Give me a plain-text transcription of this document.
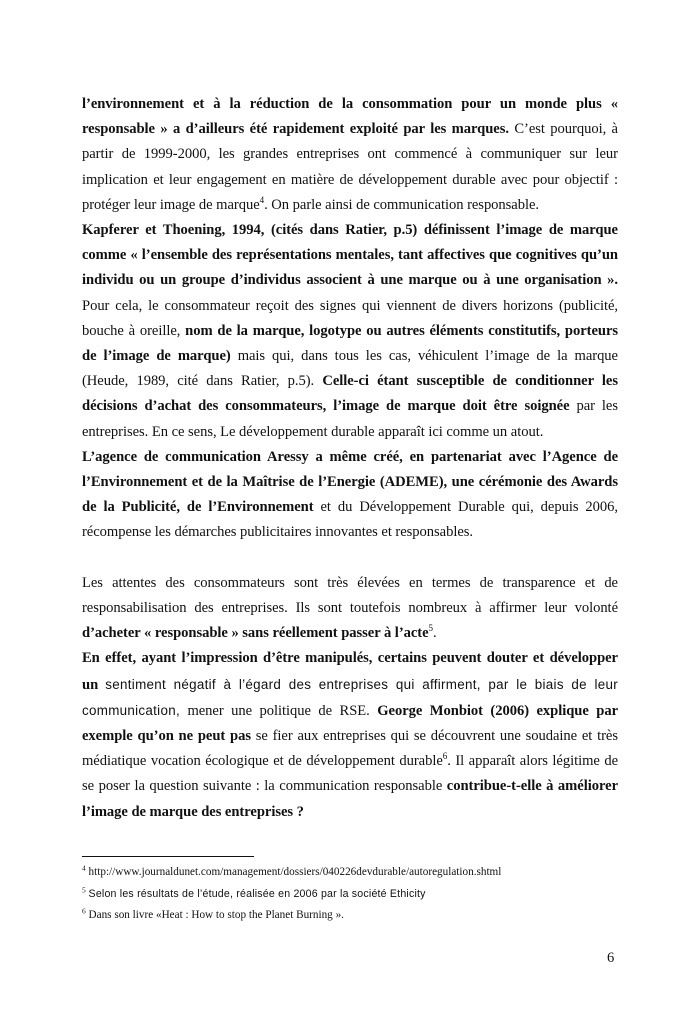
l’environnement et à la réduction de la consommation pour un monde plus « responsable » a d’ailleurs été rapidement exploité par les marques. C’est pourquoi, à partir de 1999-2000, les grandes entreprises ont commencé à communiquer sur leur implication et leur engagement en matière de développement durable avec pour objectif : protéger leur image de marque$^4$. On parle ainsi de communication responsable.

Kapferer et Thoening, 1994, (cités dans Ratier, p.5) définissent l’image de marque comme « l’ensemble des représentations mentales, tant affectives que cognitives qu’un individu ou un groupe d’individus associent à une marque ou à une organisation ». Pour cela, le consommateur reçoit des signes qui viennent de divers horizons (publicité, bouche à oreille, nom de la marque, logotype ou autres éléments constitutifs, porteurs de l’image de marque) mais qui, dans tous les cas, véhiculent l’image de la marque (Heude, 1989, cité dans Ratier, p.5). Celle-ci étant susceptible de conditionner les décisions d’achat des consommateurs, l’image de marque doit être soignée par les entreprises. En ce sens, Le développement durable apparaît ici comme un atout.

L’agence de communication Aressy a même créé, en partenariat avec l’Agence de l’Environnement et de la Maîtrise de l’Energie (ADEME), une cérémonie des Awards de la Publicité, de l’Environnement et du Développement Durable qui, depuis 2006, récompense les démarches publicitaires innovantes et responsables.

Les attentes des consommateurs sont très élevées en termes de transparence et de responsabilisation des entreprises. Ils sont toutefois nombreux à affirmer leur volonté d’acheter « responsable » sans réellement passer à l’acte$^5$.

En effet, ayant l’impression d’être manipulés, certains peuvent douter et développer un sentiment négatif à l’égard des entreprises qui affirment, par le biais de leur communication, mener une politique de RSE. George Monbiot (2006) explique par exemple qu’on ne peut pas se fier aux entreprises qui se découvrent une soudaine et très médiatique vocation écologique et de développement durable$^6$. Il apparaît alors légitime de se poser la question suivante : la communication responsable contribue-t-elle à améliorer l’image de marque des entreprises ?

$^4$ http://www.journaldunet.com/management/dossiers/040226devdurable/autoregulation.shtml
$^5$ Selon les résultats de l’étude, réalisée en 2006 par la société Ethicity
$^6$ Dans son livre «Heat : How to stop the Planet Burning ».
6
